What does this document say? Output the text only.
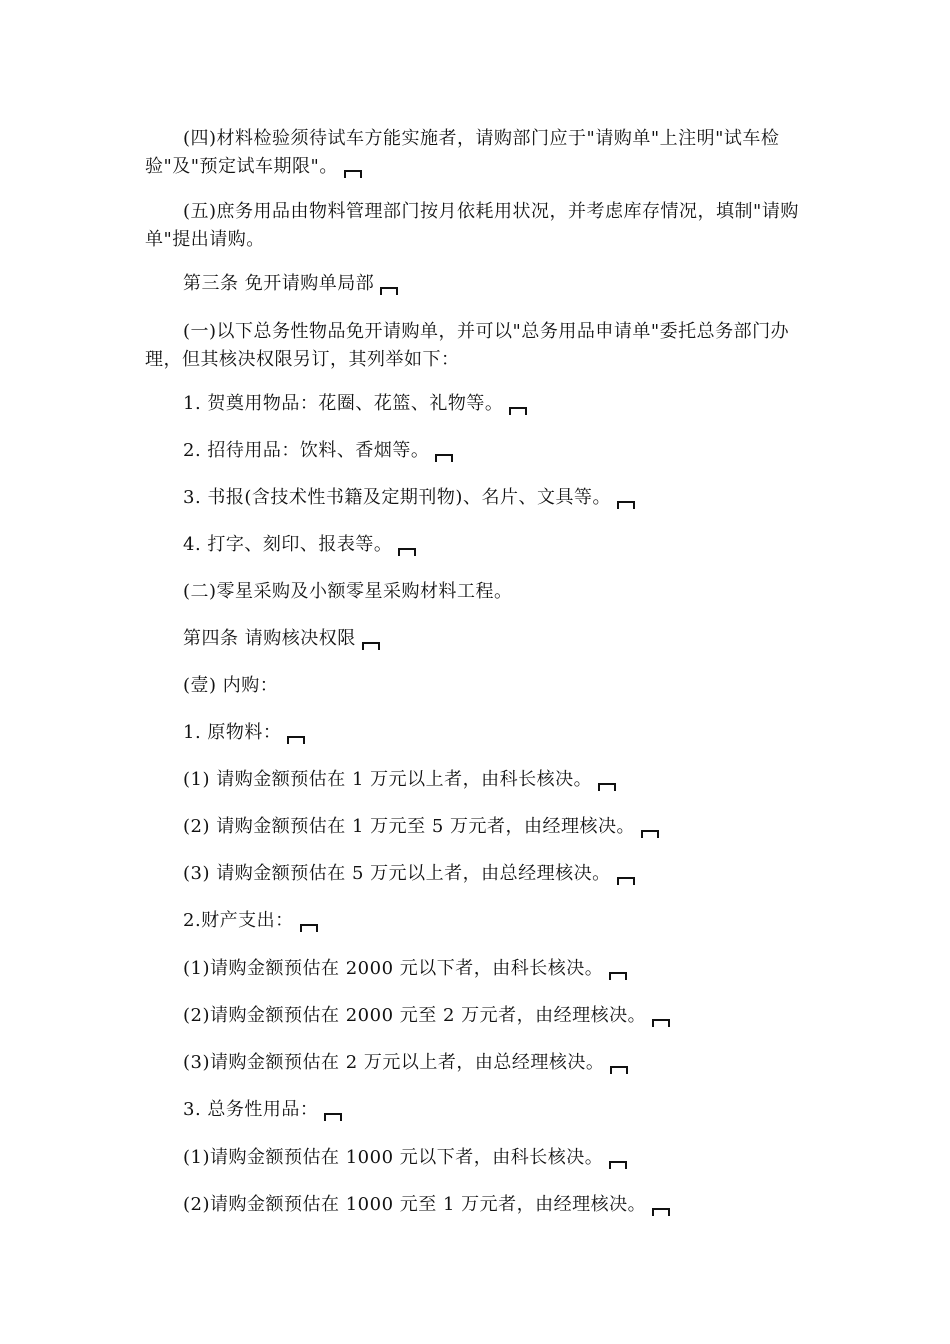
(四)材料检验须待试车方能实施者，请购部门应于"请购单"上注明"试车检验"及"预定试车期限"。
(五)庶务用品由物料管理部门按月依耗用状况，并考虑库存情况，填制"请购单"提出请购。
第三条 免开请购单局部
(一)以下总务性物品免开请购单，并可以"总务用品申请单"委托总务部门办理，但其核决权限另订，其列举如下：
1. 贺奠用物品：花圈、花篮、礼物等。
2. 招待用品：饮料、香烟等。
3. 书报(含技术性书籍及定期刊物)、名片、文具等。
4. 打字、刻印、报表等。
(二)零星采购及小额零星采购材料工程。
第四条 请购核决权限
(壹) 内购：
1. 原物料：
(1) 请购金额预估在 1 万元以上者，由科长核决。
(2) 请购金额预估在 1 万元至 5 万元者，由经理核决。
(3) 请购金额预估在 5 万元以上者，由总经理核决。
2.财产支出：
(1)请购金额预估在 2000 元以下者，由科长核决。
(2)请购金额预估在 2000 元至 2 万元者，由经理核决。
(3)请购金额预估在 2 万元以上者，由总经理核决。
3. 总务性用品：
(1)请购金额预估在 1000 元以下者，由科长核决。
(2)请购金额预估在 1000 元至 1 万元者，由经理核决。
